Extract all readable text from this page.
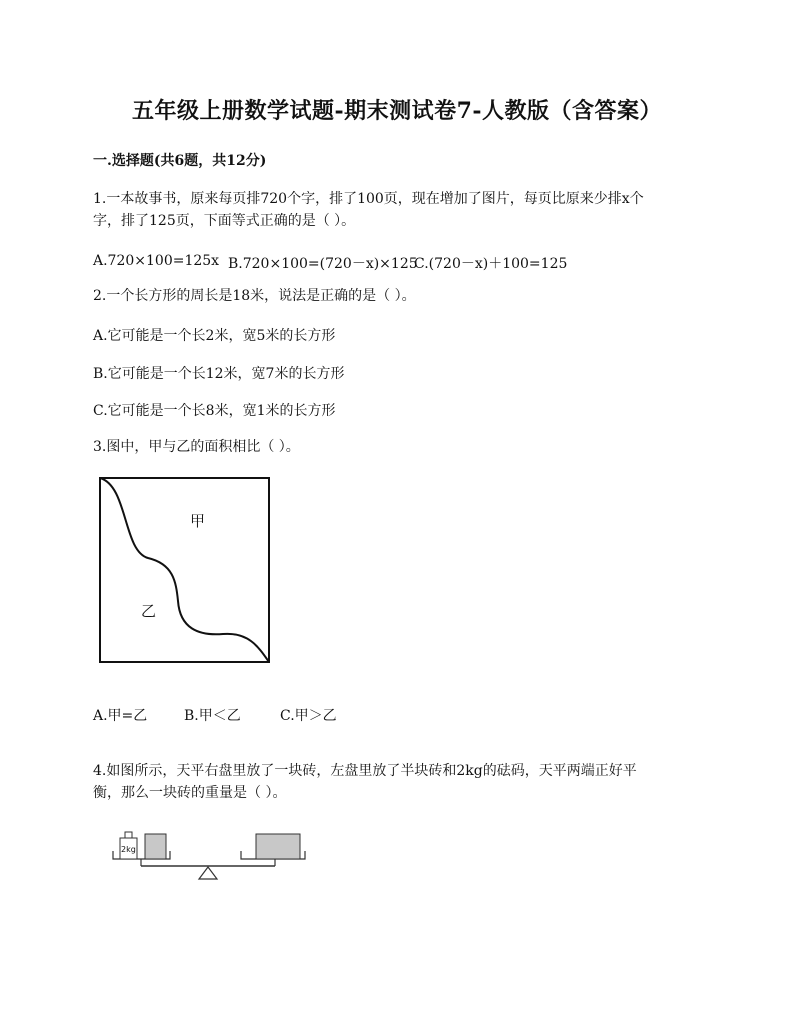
五年级上册数学试题-期末测试卷7-人教版（含答案）
一.选择题(共6题，共12分)
1.一本故事书，原来每页排720个字，排了100页，现在增加了图片，每页比原来少排x个
字，排了125页，下面等式正确的是（ ）。
A.720×100=125x B.720×100=(720－x)×125
C.(720－x)＋100=125
2.一个长方形的周长是18米，说法是正确的是（ ）。
A.它可能是一个长2米，宽5米的长方形
B.它可能是一个长12米，宽7米的长方形
C.它可能是一个长8米，宽1米的长方形
3.图中，甲与乙的面积相比（ ）。
甲
乙
A.甲=乙	B.甲＜乙	C.甲＞乙
4.如图所示，天平右盘里放了一块砖，左盘里放了半块砖和2kg的砝码，天平两端正好平
衡，那么一块砖的重量是（ ）。
2kg
